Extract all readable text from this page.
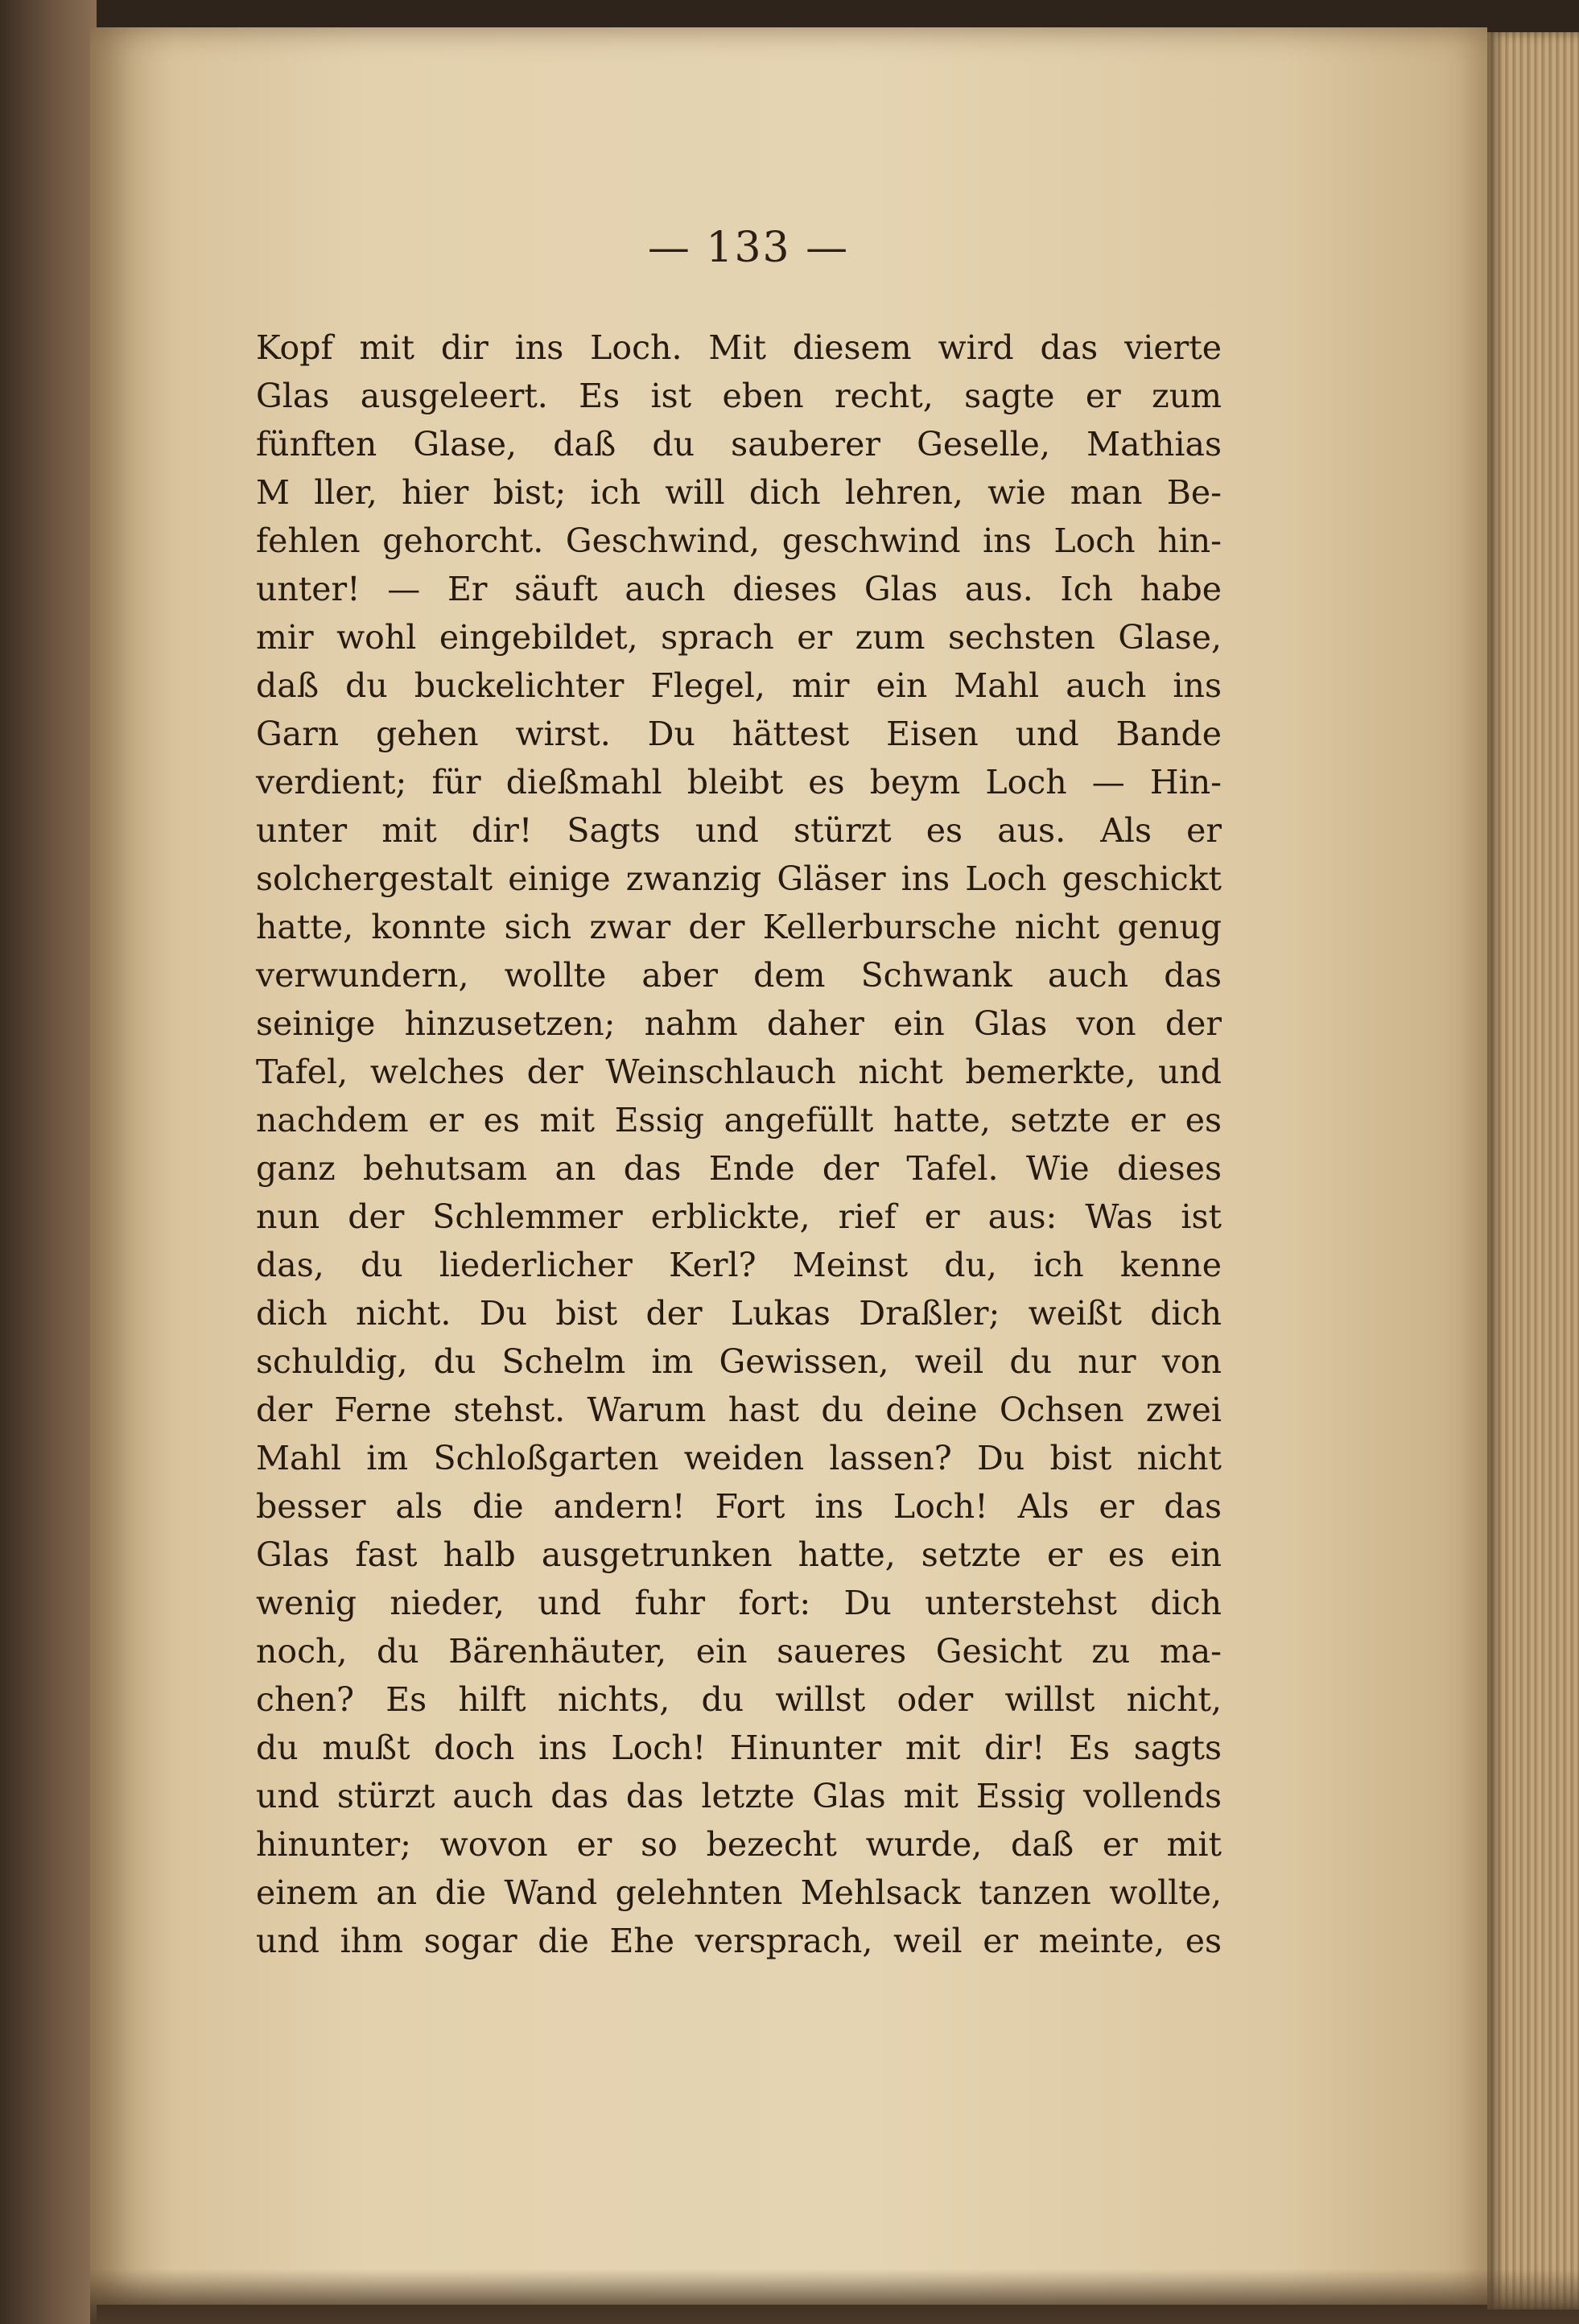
— 133 —
Kopf mit dir ins Loch. Mit diesem wird das vierte
Glas ausgeleert. Es ist eben recht, sagte er zum
fünften Glase, daß du sauberer Geselle, Mathias
M ller, hier bist; ich will dich lehren, wie man Be-
fehlen gehorcht. Geschwind, geschwind ins Loch hin-
unter! — Er säuft auch dieses Glas aus. Ich habe
mir wohl eingebildet, sprach er zum sechsten Glase,
daß du buckelichter Flegel, mir ein Mahl auch ins
Garn gehen wirst. Du hättest Eisen und Bande
verdient; für dießmahl bleibt es beym Loch — Hin-
unter mit dir! Sagts und stürzt es aus. Als er
solchergestalt einige zwanzig Gläser ins Loch geschickt
hatte, konnte sich zwar der Kellerbursche nicht genug
verwundern, wollte aber dem Schwank auch das
seinige hinzusetzen; nahm daher ein Glas von der
Tafel, welches der Weinschlauch nicht bemerkte, und
nachdem er es mit Essig angefüllt hatte, setzte er es
ganz behutsam an das Ende der Tafel. Wie dieses
nun der Schlemmer erblickte, rief er aus: Was ist
das, du liederlicher Kerl? Meinst du, ich kenne
dich nicht. Du bist der Lukas Draßler; weißt dich
schuldig, du Schelm im Gewissen, weil du nur von
der Ferne stehst. Warum hast du deine Ochsen zwei
Mahl im Schloßgarten weiden lassen? Du bist nicht
besser als die andern! Fort ins Loch! Als er das
Glas fast halb ausgetrunken hatte, setzte er es ein
wenig nieder, und fuhr fort: Du unterstehst dich
noch, du Bärenhäuter, ein saueres Gesicht zu ma-
chen? Es hilft nichts, du willst oder willst nicht,
du mußt doch ins Loch! Hinunter mit dir! Es sagts
und stürzt auch das das letzte Glas mit Essig vollends
hinunter; wovon er so bezecht wurde, daß er mit
einem an die Wand gelehnten Mehlsack tanzen wollte,
und ihm sogar die Ehe versprach, weil er meinte, es
